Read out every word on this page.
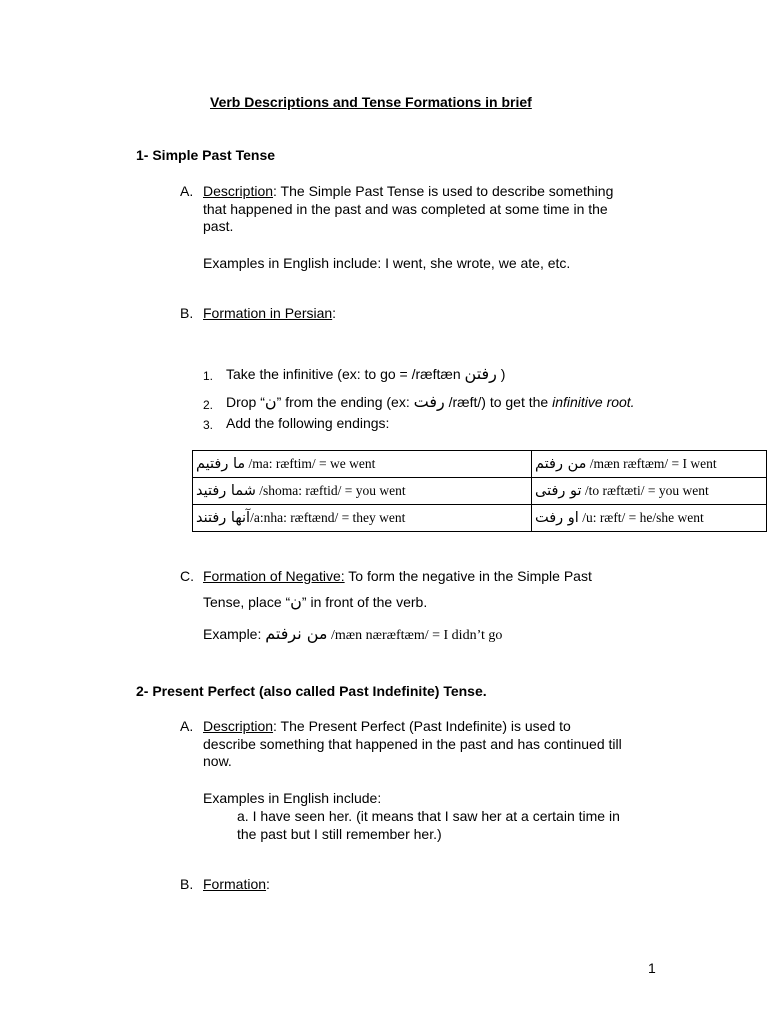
Verb Descriptions and Tense Formations in brief
1- Simple Past Tense
A. Description: The Simple Past Tense is used to describe something
that happened in the past and was completed at some time in the
past.
Examples in English include: I went, she wrote, we ate, etc.
B. Formation in Persian:
1. Take the infinitive (ex: to go = /ræftæn رفتن )
2. Drop “ن” from the ending (ex: رفت /ræft/) to get the infinitive root.
3. Add the following endings:
ما رفتیم /ma: ræftim/ = we went	من رفتم /mæn ræftæm/ = I went
شما رفتید /shoma: ræftid/ = you went	تو رفتی /to ræftæti/ = you went
آنها رفتند/a:nha: ræftænd/ = they went	او رفت /u: ræft/ = he/she went
C. Formation of Negative: To form the negative in the Simple Past
Tense, place “ن” in front of the verb.
Example: من نرفتم /mæn næræftæm/ = I didn’t go
2- Present Perfect (also called Past Indefinite) Tense.
A. Description: The Present Perfect (Past Indefinite) is used to
describe something that happened in the past and has continued till
now.
Examples in English include:
a. I have seen her. (it means that I saw her at a certain time in
the past but I still remember her.)
B. Formation:
1
